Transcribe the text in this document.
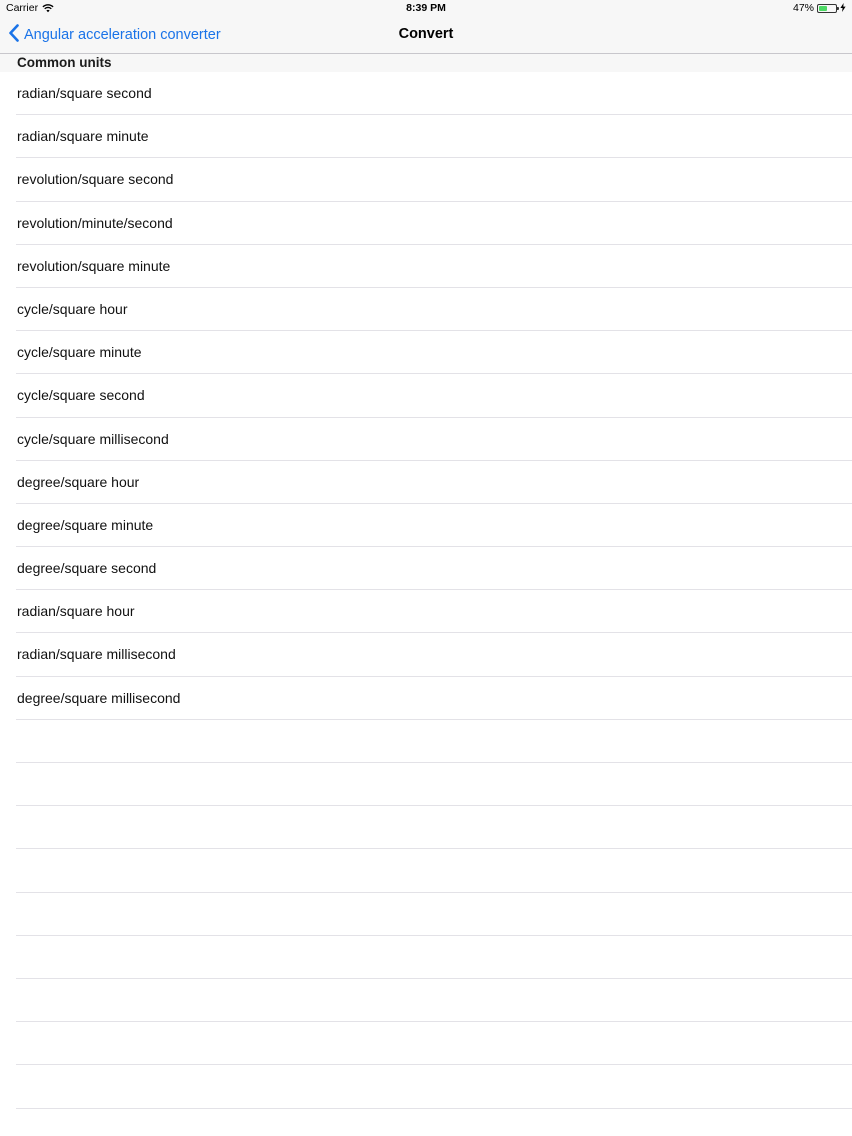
Carrier	8:39 PM	47%
Angular acceleration converter	Convert
Common units
radian/square second
radian/square minute
revolution/square second
revolution/minute/second
revolution/square minute
cycle/square hour
cycle/square minute
cycle/square second
cycle/square millisecond
degree/square hour
degree/square minute
degree/square second
radian/square hour
radian/square millisecond
degree/square millisecond
